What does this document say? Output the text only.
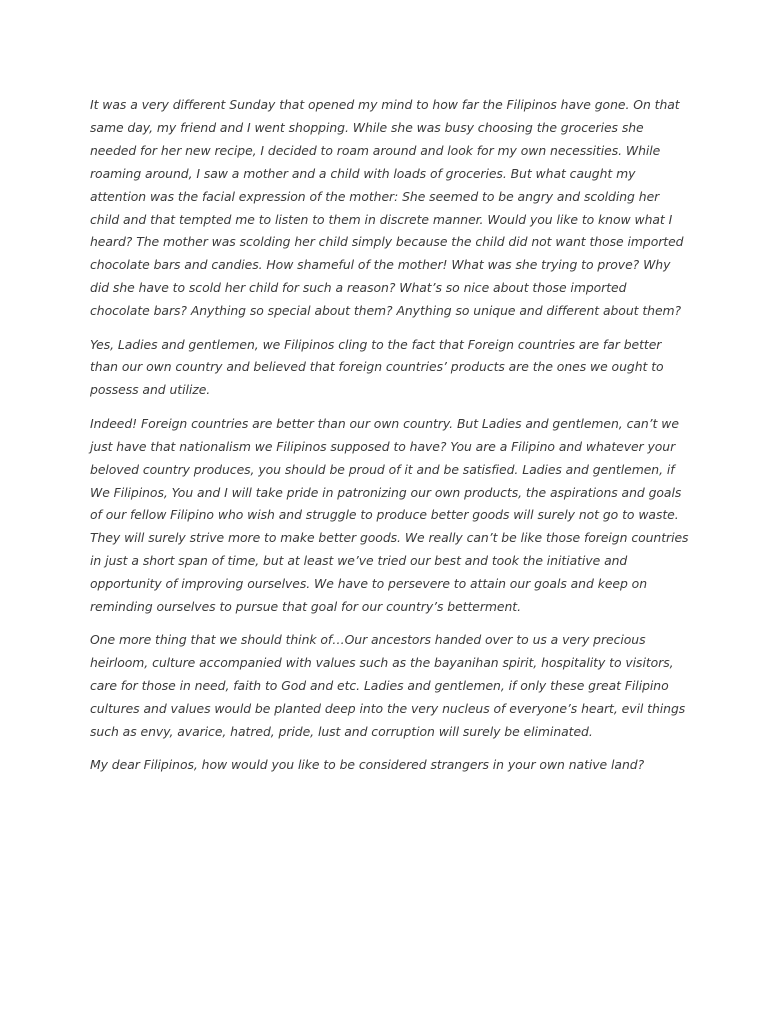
It was a very different Sunday that opened my mind to how far the Filipinos have gone. On that same day, my friend and I went shopping. While she was busy choosing the groceries she needed for her new recipe, I decided to roam around and look for my own necessities. While roaming around, I saw a mother and a child with loads of groceries. But what caught my attention was the facial expression of the mother: She seemed to be angry and scolding her child and that tempted me to listen to them in discrete manner. Would you like to know what I heard? The mother was scolding her child simply because the child did not want those imported chocolate bars and candies. How shameful of the mother! What was she trying to prove? Why did she have to scold her child for such a reason? What’s so nice about those imported chocolate bars? Anything so special about them? Anything so unique and different about them?

Yes, Ladies and gentlemen, we Filipinos cling to the fact that Foreign countries are far better than our own country and believed that foreign countries’ products are the ones we ought to possess and utilize.

Indeed! Foreign countries are better than our own country. But Ladies and gentlemen, can’t we just have that nationalism we Filipinos supposed to have? You are a Filipino and whatever your beloved country produces, you should be proud of it and be satisfied. Ladies and gentlemen, if We Filipinos, You and I will take pride in patronizing our own products, the aspirations and goals of our fellow Filipino who wish and struggle to produce better goods will surely not go to waste. They will surely strive more to make better goods. We really can’t be like those foreign countries in just a short span of time, but at least we’ve tried our best and took the initiative and opportunity of improving ourselves. We have to persevere to attain our goals and keep on reminding ourselves to pursue that goal for our country’s betterment.

One more thing that we should think of…Our ancestors handed over to us a very precious heirloom, culture accompanied with values such as the bayanihan spirit, hospitality to visitors, care for those in need, faith to God and etc. Ladies and gentlemen, if only these great Filipino cultures and values would be planted deep into the very nucleus of everyone’s heart, evil things such as envy, avarice, hatred, pride, lust and corruption will surely be eliminated.

My dear Filipinos, how would you like to be considered strangers in your own native land?
